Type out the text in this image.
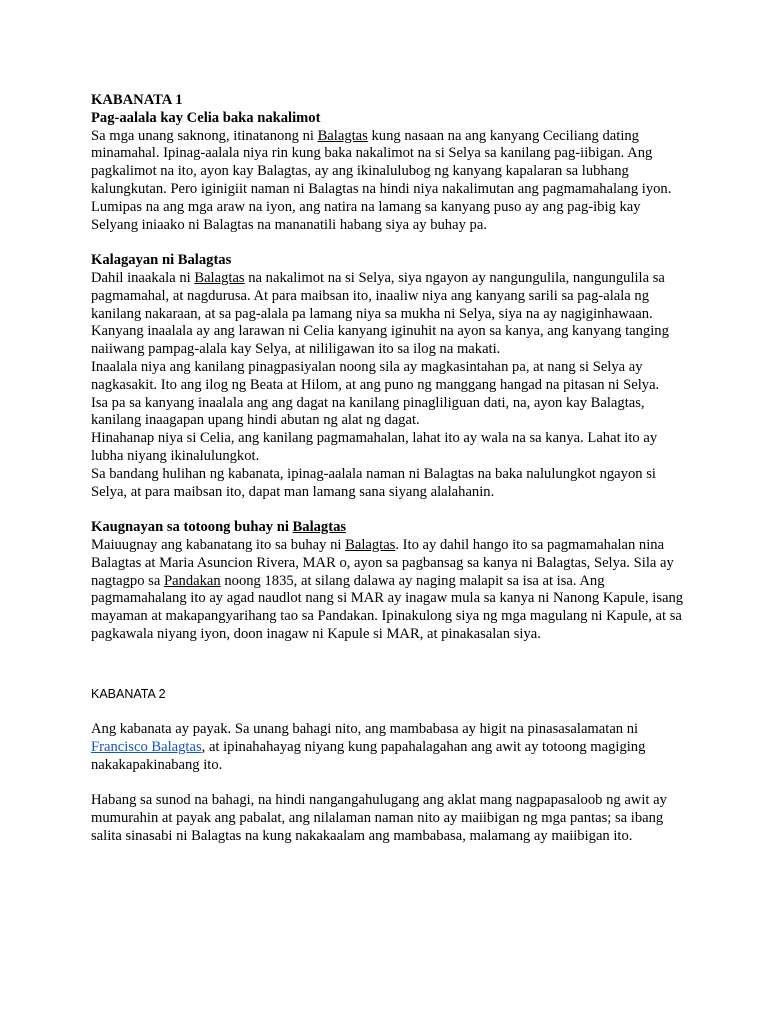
KABANATA 1

Pag-aalala kay Celia baka nakalimot

Sa mga unang saknong, itinatanong ni Balagtas kung nasaan na ang kanyang Ceciliang dating minamahal. Ipinag-aalala niya rin kung baka nakalimot na si Selya sa kanilang pag-iibigan. Ang pagkalimot na ito, ayon kay Balagtas, ay ang ikinalulubog ng kanyang kapalaran sa lubhang kalungkutan. Pero iginigiit naman ni Balagtas na hindi niya nakalimutan ang pagmamahalang iyon.

Lumipas na ang mga araw na iyon, ang natira na lamang sa kanyang puso ay ang pag-ibig kay Selyang iniaako ni Balagtas na mananatili habang siya ay buhay pa.

Kalagayan ni Balagtas

Dahil inaakala ni Balagtas na nakalimot na si Selya, siya ngayon ay nangungulila, nangungulila sa pagmamahal, at nagdurusa. At para maibsan ito, inaaliw niya ang kanyang sarili sa pag-alala ng kanilang nakaraan, at sa pag-alala pa lamang niya sa mukha ni Selya, siya na ay nagiginhawaan.

Kanyang inaalala ay ang larawan ni Celia kanyang iginuhit na ayon sa kanya, ang kanyang tanging naiiwang pampag-alala kay Selya, at nililigawan ito sa ilog na makati.

Inaalala niya ang kanilang pinagpasiyalan noong sila ay magkasintahan pa, at nang si Selya ay nagkasakit. Ito ang ilog ng Beata at Hilom, at ang puno ng manggang hangad na pitasan ni Selya.

Isa pa sa kanyang inaalala ang ang dagat na kanilang pinagliliguan dati, na, ayon kay Balagtas, kanilang inaagapan upang hindi abutan ng alat ng dagat.

Hinahanap niya si Celia, ang kanilang pagmamahalan, lahat ito ay wala na sa kanya. Lahat ito ay lubha niyang ikinalulungkot.

Sa bandang hulihan ng kabanata, ipinag-aalala naman ni Balagtas na baka nalulungkot ngayon si Selya, at para maibsan ito, dapat man lamang sana siyang alalahanin.

Kaugnayan sa totoong buhay ni Balagtas

Maiuugnay ang kabanatang ito sa buhay ni Balagtas. Ito ay dahil hango ito sa pagmamahalan nina Balagtas at Maria Asuncion Rivera, MAR o, ayon sa pagbansag sa kanya ni Balagtas, Selya. Sila ay nagtagpo sa Pandakan noong 1835, at silang dalawa ay naging malapit sa isa at isa. Ang pagmamahalang ito ay agad naudlot nang si MAR ay inagaw mula sa kanya ni Nanong Kapule, isang mayaman at makapangyarihang tao sa Pandakan. Ipinakulong siya ng mga magulang ni Kapule, at sa pagkawala niyang iyon, doon inagaw ni Kapule si MAR, at pinakasalan siya.

KABANATA 2

Ang kabanata ay payak. Sa unang bahagi nito, ang mambabasa ay higit na pinasasalamatan ni Francisco Balagtas, at ipinahahayag niyang kung papahalagahan ang awit ay totoong magiging nakakapakinabang ito.

Habang sa sunod na bahagi, na hindi nangangahulugang ang aklat mang nagpapasaloob ng awit ay mumurahin at payak ang pabalat, ang nilalaman naman nito ay maiibigan ng mga pantas; sa ibang salita sinasabi ni Balagtas na kung nakakaalam ang mambabasa, malamang ay maiibigan ito.
